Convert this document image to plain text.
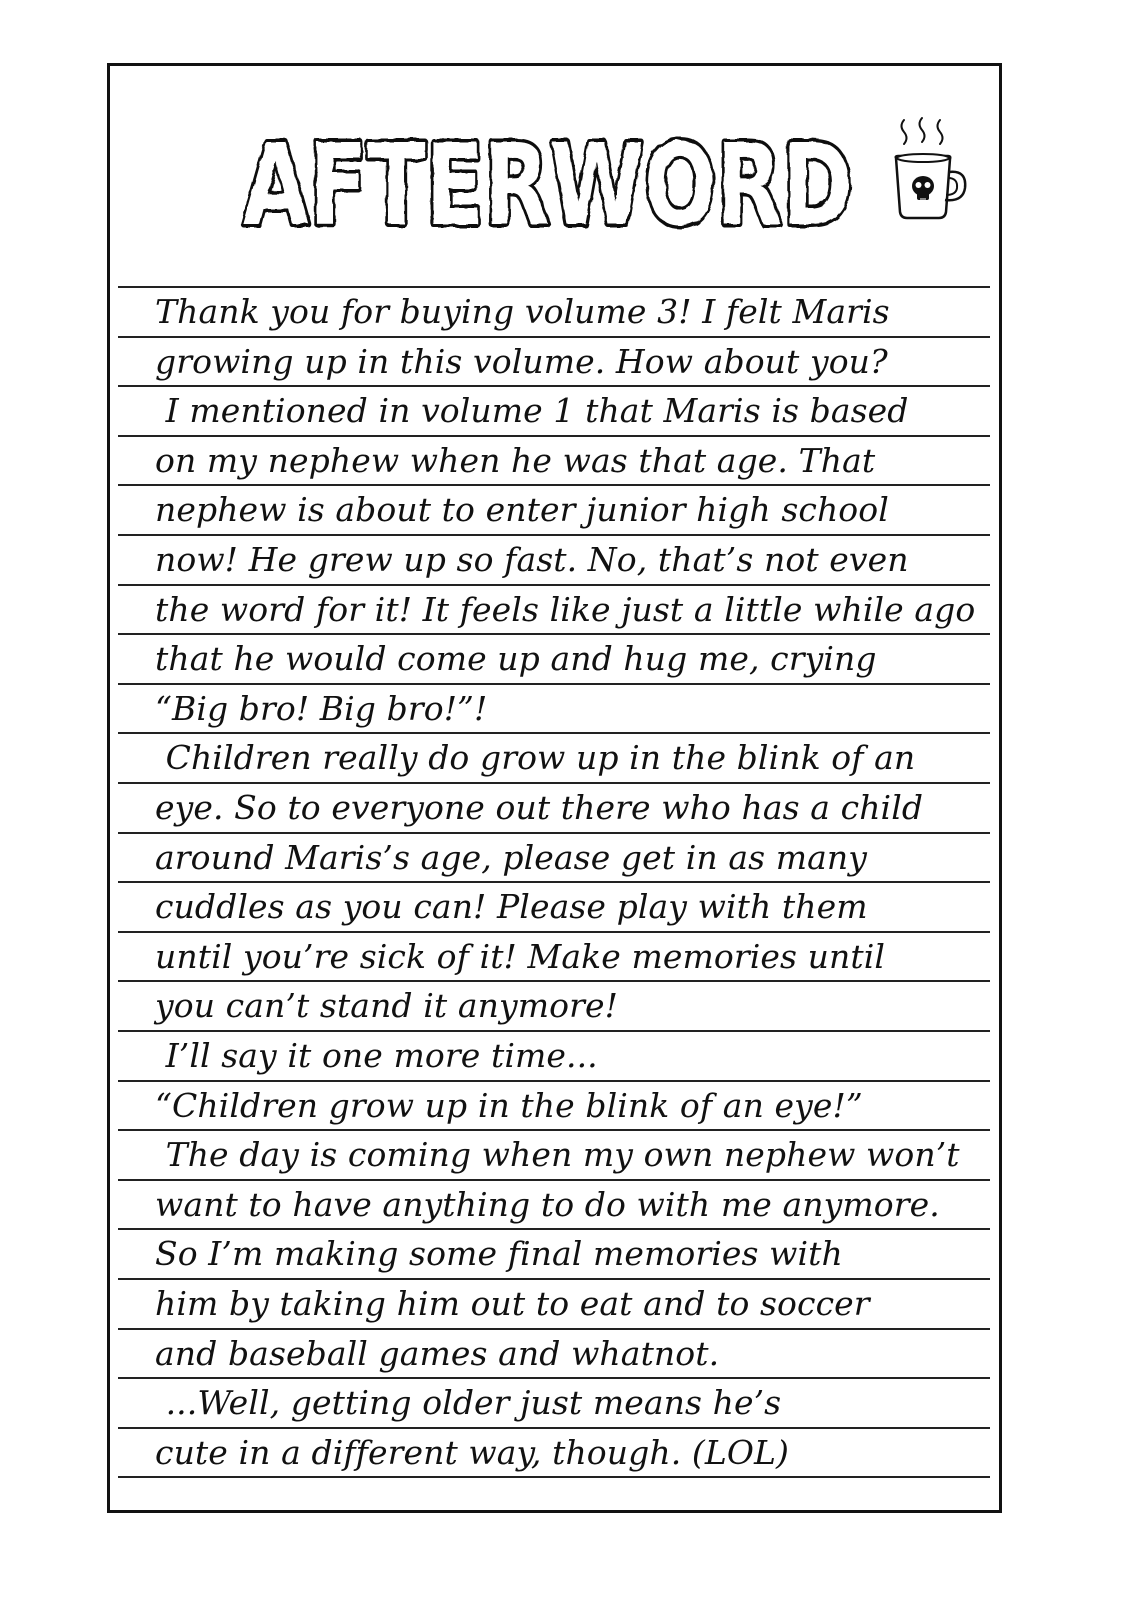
AFTERWORD
Thank you for buying volume 3! I felt Maris
growing up in this volume. How about you?
I mentioned in volume 1 that Maris is based
on my nephew when he was that age. That
nephew is about to enter junior high school
now! He grew up so fast. No, that’s not even
the word for it! It feels like just a little while ago
that he would come up and hug me, crying
“Big bro! Big bro!”!
Children really do grow up in the blink of an
eye. So to everyone out there who has a child
around Maris’s age, please get in as many
cuddles as you can! Please play with them
until you’re sick of it! Make memories until
you can’t stand it anymore!
I’ll say it one more time...
“Children grow up in the blink of an eye!”
The day is coming when my own nephew won’t
want to have anything to do with me anymore.
So I’m making some final memories with
him by taking him out to eat and to soccer
and baseball games and whatnot.
...Well, getting older just means he’s
cute in a different way, though. (LOL)
